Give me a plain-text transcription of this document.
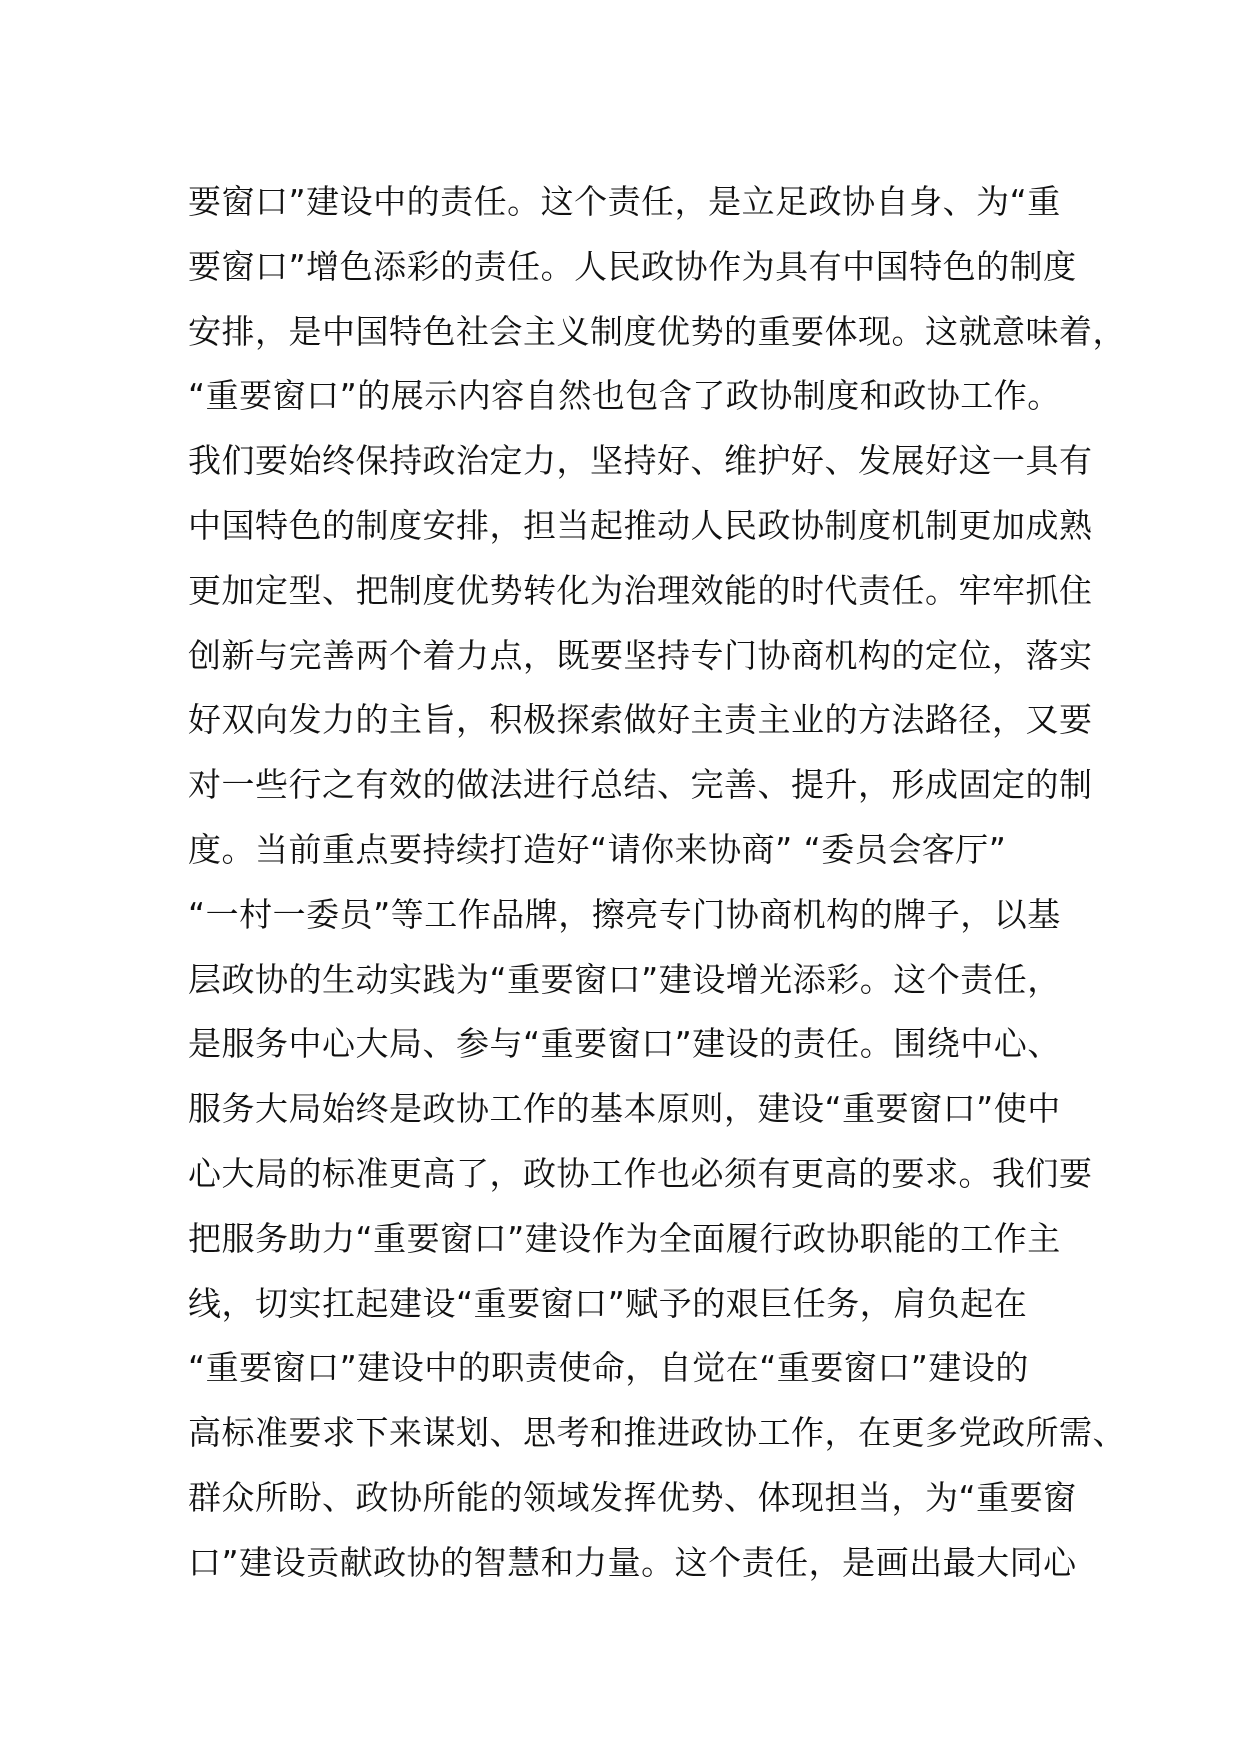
要窗口”建设中的责任。这个责任，是立足政协自身、为“重
要窗口”增色添彩的责任。人民政协作为具有中国特色的制度
安排，是中国特色社会主义制度优势的重要体现。这就意味着，
“重要窗口”的展示内容自然也包含了政协制度和政协工作。
我们要始终保持政治定力，坚持好、维护好、发展好这一具有
中国特色的制度安排，担当起推动人民政协制度机制更加成熟
更加定型、把制度优势转化为治理效能的时代责任。牢牢抓住
创新与完善两个着力点，既要坚持专门协商机构的定位，落实
好双向发力的主旨，积极探索做好主责主业的方法路径，又要
对一些行之有效的做法进行总结、完善、提升，形成固定的制
度。当前重点要持续打造好“请你来协商” “委员会客厅”
“一村一委员”等工作品牌，擦亮专门协商机构的牌子，以基
层政协的生动实践为“重要窗口”建设增光添彩。这个责任，
是服务中心大局、参与“重要窗口”建设的责任。围绕中心、
服务大局始终是政协工作的基本原则，建设“重要窗口”使中
心大局的标准更高了，政协工作也必须有更高的要求。我们要
把服务助力“重要窗口”建设作为全面履行政协职能的工作主
线，切实扛起建设“重要窗口”赋予的艰巨任务，肩负起在
“重要窗口”建设中的职责使命，自觉在“重要窗口”建设的
高标准要求下来谋划、思考和推进政协工作，在更多党政所需、
群众所盼、政协所能的领域发挥优势、体现担当，为“重要窗
口”建设贡献政协的智慧和力量。这个责任，是画出最大同心
